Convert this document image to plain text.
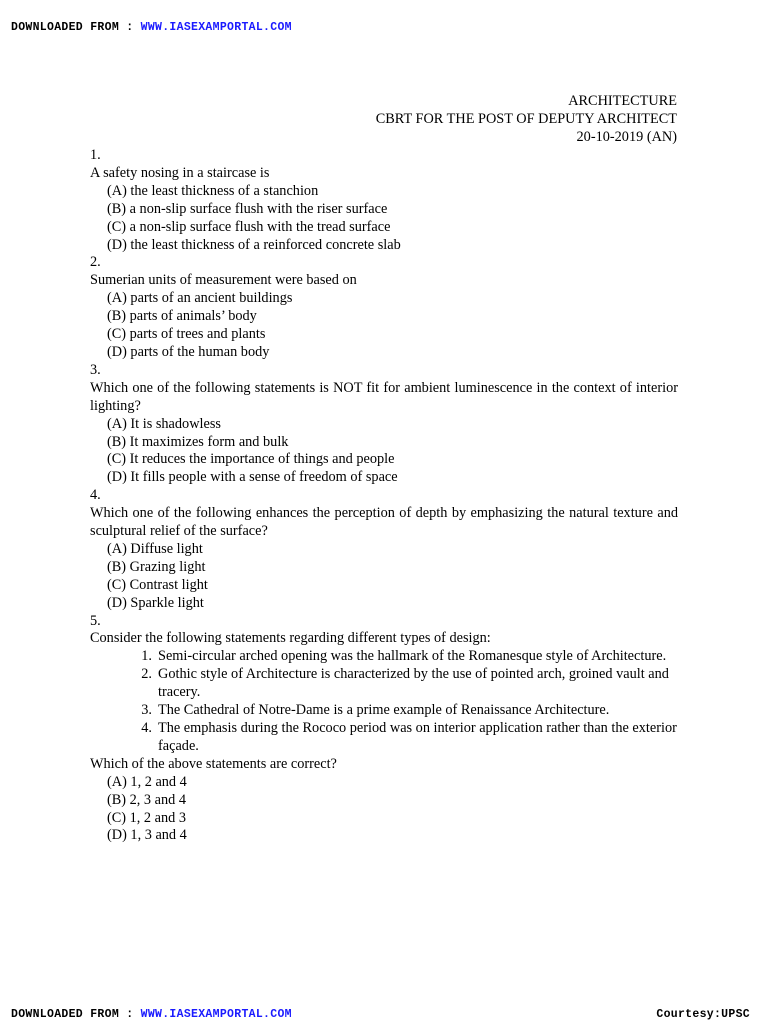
DOWNLOADED FROM : WWW.IASEXAMPORTAL.COM
ARCHITECTURE
CBRT FOR THE POST OF DEPUTY ARCHITECT
20-10-2019 (AN)
1.
A safety nosing in a staircase is
(A) the least thickness of a stanchion
(B) a non-slip surface flush with the riser surface
(C) a non-slip surface flush with the tread surface
(D) the least thickness of a reinforced concrete slab
2.
Sumerian units of measurement were based on
(A) parts of an ancient buildings
(B) parts of animals’ body
(C) parts of trees and plants
(D) parts of the human body
3.
Which one of the following statements is NOT fit for ambient luminescence in the context of interior lighting?
(A) It is shadowless
(B) It maximizes form and bulk
(C) It reduces the importance of things and people
(D) It fills people with a sense of freedom of space
4.
Which one of the following enhances the perception of depth by emphasizing the natural texture and sculptural relief of the surface?
(A) Diffuse light
(B) Grazing light
(C) Contrast light
(D) Sparkle light
5.
Consider the following statements regarding different types of design:
1. Semi-circular arched opening was the hallmark of the Romanesque style of Architecture.
2. Gothic style of Architecture is characterized by the use of pointed arch, groined vault and tracery.
3. The Cathedral of Notre-Dame is a prime example of Renaissance Architecture.
4. The emphasis during the Rococo period was on interior application rather than the exterior façade.
Which of the above statements are correct?
(A) 1, 2 and 4
(B) 2, 3 and 4
(C) 1, 2 and 3
(D) 1, 3 and 4
DOWNLOADED FROM : WWW.IASEXAMPORTAL.COM	Courtesy:UPSC
